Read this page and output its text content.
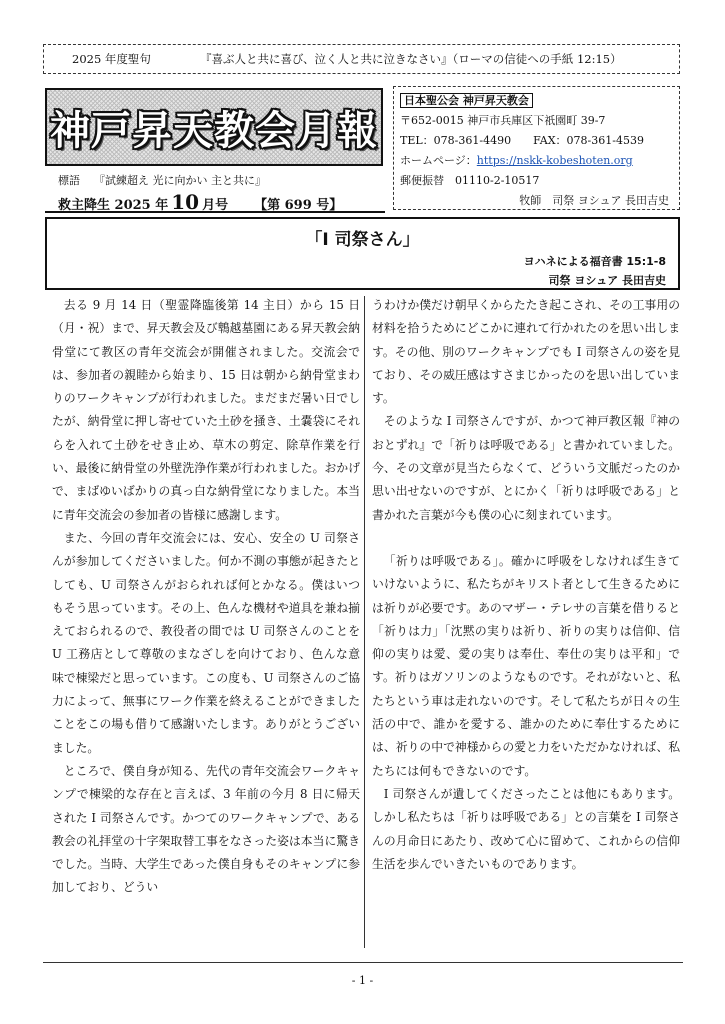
2025 年度聖句	『喜ぶ人と共に喜び、泣く人と共に泣きなさい』（ローマの信徒への手紙 12:15）
神戸昇天教会月報
標語 『試練超え 光に向かい 主と共に』
救主降生 2025 年 10 月号 【第 699 号】
日本聖公会 神戸昇天教会
〒652-0015 神戸市兵庫区下祇園町 39-7
TEL：078-361-4490 FAX：078-361-4539
ホームページ：https://nskk-kobeshoten.org
郵便振替　01110-2-10517
牧師　司祭 ヨシュア 長田吉史
「I 司祭さん」
ヨハネによる福音書 15:1-8
司祭 ヨシュア 長田吉史

去る 9 月 14 日（聖霊降臨後第 14 主日）から 15 日（月・祝）まで、昇天教会及び鵯越墓園にある昇天教会納骨堂にて教区の青年交流会が開催されました。交流会では、参加者の親睦から始まり、15 日は朝から納骨堂まわりのワークキャンプが行われました。まだまだ暑い日でしたが、納骨堂に押し寄せていた土砂を掻き、土嚢袋にそれらを入れて土砂をせき止め、草木の剪定、除草作業を行い、最後に納骨堂の外壁洗浄作業が行われました。おかげで、まばゆいばかりの真っ白な納骨堂になりました。本当に青年交流会の参加者の皆様に感謝します。

また、今回の青年交流会には、安心、安全の U 司祭さんが参加してくださいました。何か不測の事態が起きたとしても、U 司祭さんがおられれば何とかなる。僕はいつもそう思っています。その上、色んな機材や道具を兼ね揃えておられるので、教役者の間では U 司祭さんのことを U 工務店として尊敬のまなざしを向けており、色んな意味で棟梁だと思っています。この度も、U 司祭さんのご協力によって、無事にワーク作業を終えることができましたことをこの場も借りて感謝いたします。ありがとうございました。

ところで、僕自身が知る、先代の青年交流会ワークキャンプで棟梁的な存在と言えば、3 年前の今月 8 日に帰天された I 司祭さんです。かつてのワークキャンプで、ある教会の礼拝堂の十字架取替工事をなさった姿は本当に驚きでした。当時、大学生であった僕自身もそのキャンプに参加しており、どうい

うわけか僕だけ朝早くからたたき起こされ、その工事用の材料を拾うためにどこかに連れて行かれたのを思い出します。その他、別のワークキャンプでも I 司祭さんの姿を見ており、その威圧感はすさまじかったのを思い出しています。

そのような I 司祭さんですが、かつて神戸教区報『神のおとずれ』で「祈りは呼吸である」と書かれていました。今、その文章が見当たらなくて、どういう文脈だったのか思い出せないのですが、とにかく「祈りは呼吸である」と書かれた言葉が今も僕の心に刻まれています。

「祈りは呼吸である」。確かに呼吸をしなければ生きていけないように、私たちがキリスト者として生きるためには祈りが必要です。あのマザー・テレサの言葉を借りると「祈りは力」「沈黙の実りは祈り、祈りの実りは信仰、信仰の実りは愛、愛の実りは奉仕、奉仕の実りは平和」です。祈りはガソリンのようなものです。それがないと、私たちという車は走れないのです。そして私たちが日々の生活の中で、誰かを愛する、誰かのために奉仕するためには、祈りの中で神様からの愛と力をいただかなければ、私たちには何もできないのです。

I 司祭さんが遺してくださったことは他にもあります。しかし私たちは「祈りは呼吸である」との言葉を I 司祭さんの月命日にあたり、改めて心に留めて、これからの信仰生活を歩んでいきたいものであります。

- 1 -
